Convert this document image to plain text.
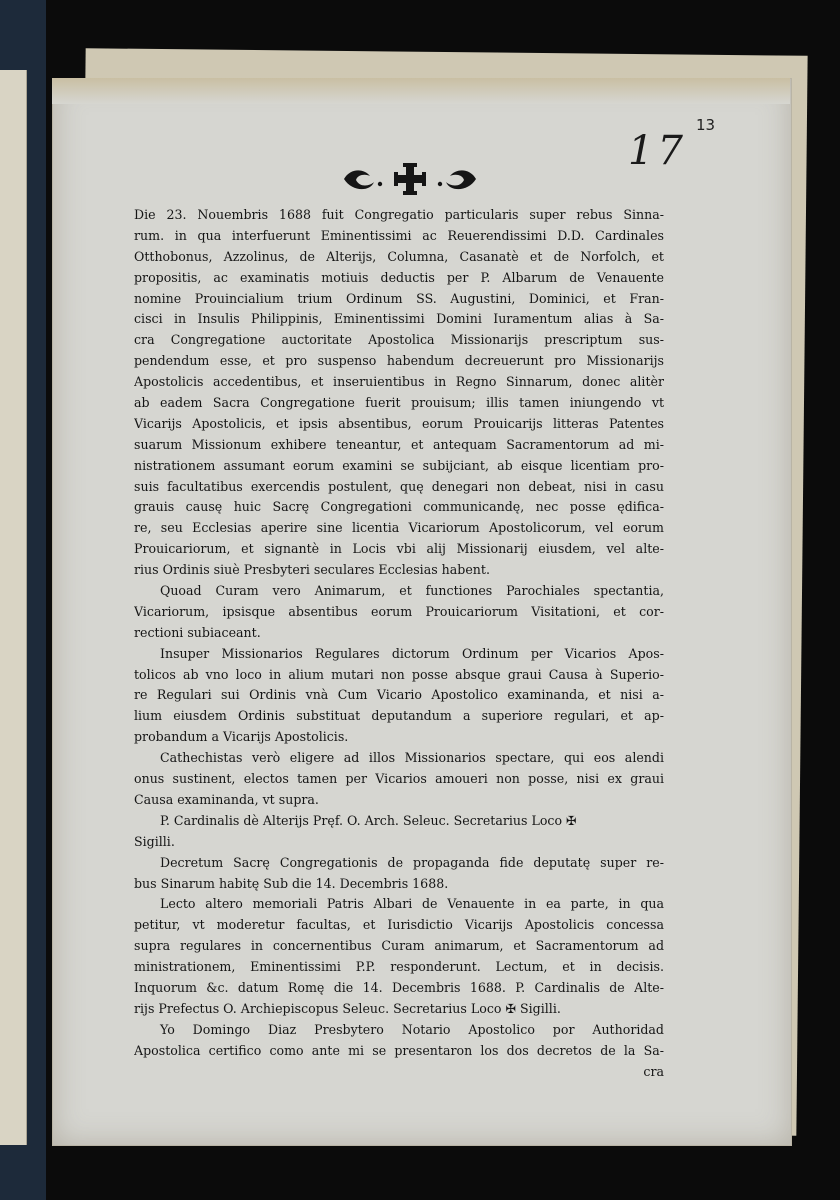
17
13
Die 23. Nouembris 1688 fuit Congregatio particularis super rebus Sinna-
rum. in qua interfuerunt Eminentissimi ac Reuerendissimi D.D. Cardinales
Otthobonus, Azzolinus, de Alterijs, Columna, Casanatè et de Norfolch, et
propositis, ac examinatis motiuis deductis per P. Albarum de Venauente
nomine Prouincialium trium Ordinum SS. Augustini, Dominici, et Fran-
cisci in Insulis Philippinis, Eminentissimi Domini Iuramentum alias à Sa-
cra Congregatione auctoritate Apostolica Missionarijs prescriptum sus-
pendendum esse, et pro suspenso habendum decreuerunt pro Missionarijs
Apostolicis accedentibus, et inseruientibus in Regno Sinnarum, donec alitèr
ab eadem Sacra Congregatione fuerit prouisum; illis tamen iniungendo vt
Vicarijs Apostolicis, et ipsis absentibus, eorum Prouicarijs litteras Patentes
suarum Missionum exhibere teneantur, et antequam Sacramentorum ad mi-
nistrationem assumant eorum examini se subijciant, ab eisque licentiam pro-
suis facultatibus exercendis postulent, quę denegari non debeat, nisi in casu
grauis causę huic Sacrę Congregationi communicandę, nec posse ędifica-
re, seu Ecclesias aperire sine licentia Vicariorum Apostolicorum, vel eorum
Prouicariorum, et signantè in Locis vbi alij Missionarij eiusdem, vel alte-
rius Ordinis siuè Presbyteri seculares Ecclesias habent.
Quoad Curam vero Animarum, et functiones Parochiales spectantia,
Vicariorum, ipsisque absentibus eorum Prouicariorum Visitationi, et cor-
rectioni subiaceant.
Insuper Missionarios Regulares dictorum Ordinum per Vicarios Apos-
tolicos ab vno loco in alium mutari non posse absque graui Causa à Superio-
re Regulari sui Ordinis vnà Cum Vicario Apostolico examinanda, et nisi a-
lium eiusdem Ordinis substituat deputandum a superiore regulari, et ap-
probandum a Vicarijs Apostolicis.
Cathechistas verò eligere ad illos Missionarios spectare, qui eos alendi
onus sustinent, electos tamen per Vicarios amoueri non posse, nisi ex graui
Causa examinanda, vt supra.
P. Cardinalis dè Alterijs Pręf. O. Arch. Seleuc. Secretarius Loco ✠
Sigilli.
Decretum Sacrę Congregationis de propaganda fide deputatę super re-
bus Sinarum habitę Sub die 14. Decembris 1688.
Lecto altero memoriali Patris Albari de Venauente in ea parte, in qua
petitur, vt moderetur facultas, et Iurisdictio Vicarijs Apostolicis concessa
supra regulares in concernentibus Curam animarum, et Sacramentorum ad
ministrationem, Eminentissimi P.P. responderunt. Lectum, et in decisis.
Inquorum &c. datum Romę die 14. Decembris 1688. P. Cardinalis de Alte-
rijs Prefectus O. Archiepiscopus Seleuc. Secretarius Loco ✠ Sigilli.
Yo Domingo Diaz Presbytero Notario Apostolico por Authoridad
Apostolica certifico como ante mi se presentaron los dos decretos de la Sa-
cra
